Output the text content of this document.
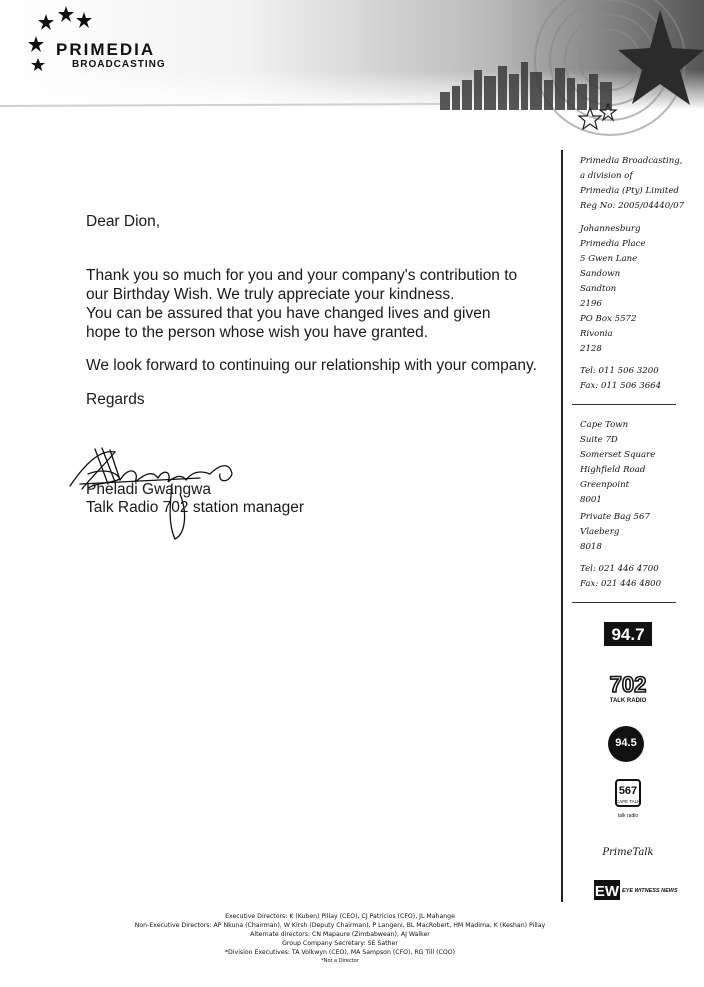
PRIMEDIA
BROADCASTING
Dear Dion,
Thank you so much for you and your company's contribution to
our Birthday Wish. We truly appreciate your kindness.
You can be assured that you have changed lives and given
hope to the person whose wish you have granted.
We look forward to continuing our relationship with your company.
Regards
Pheladi Gwangwa
Talk Radio 702 station manager
Primedia Broadcasting,
a division of
Primedia (Pty) Limited
Reg No: 2005/04440/07
Johannesburg
Primedia Place
5 Gwen Lane
Sandown
Sandton
2196
PO Box 5572
Rivonia
2128
Tel: 011 506 3200
Fax: 011 506 3664
Cape Town
Suite 7D
Somerset Square
Highfield Road
Greenpoint
8001
Private Bag 567
Vlaeberg
8018
Tel: 021 446 4700
Fax: 021 446 4800
94.7
702
TALK RADIO
94.5
567
CAPE TALK
talk radio
PrimeTalk
EW EYE WITNESS NEWS
Executive Directors: K (Kuben) Pillay (CEO), CJ Patricios (CFO), JL Mahange
Non-Executive Directors: AP Nkuna (Chairman), W Kirsh (Deputy Chairman), P Langeni, BL MacRobert, HM Madima, K (Keshan) Pillay
Alternate directors: CN Mapaure (Zimbabwean), AJ Walker
Group Company Secretary: SE Sather
*Division Executives: TA Volkwyn (CEO), MA Sampson (CFO), RG Till (COO)
*Not a Director
